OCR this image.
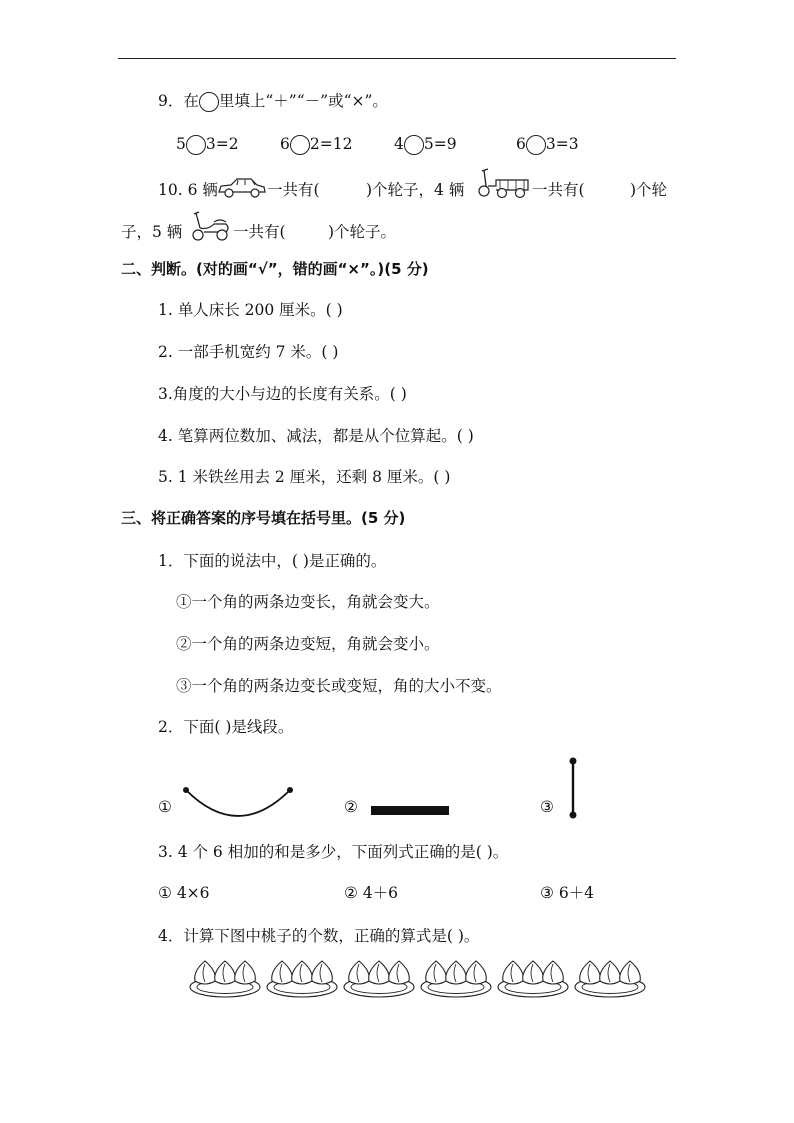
9．在 里填上“＋”“－”或“×”。
5 3=2	6 2=12	4 5=9	6 3=3
10. 6 辆	一共有(	)个轮子，4 辆	一共有(	)个轮
子，5 辆	一共有(	)个轮子。
二、判断。(对的画“√”，错的画“×”。)(5 分)
1. 单人床长 200 厘米。( )
2. 一部手机宽约 7 米。( )
3.角度的大小与边的长度有关系。( )
4. 笔算两位数加、减法，都是从个位算起。( )
5. 1 米铁丝用去 2 厘米，还剩 8 厘米。( )
三、将正确答案的序号填在括号里。(5 分)
1．下面的说法中，( )是正确的。
①一个角的两条边变长，角就会变大。
②一个角的两条边变短，角就会变小。
③一个角的两条边变长或变短，角的大小不变。
2．下面( )是线段。
①	②	③
3. 4 个 6 相加的和是多少，下面列式正确的是( )。
① 4×6	② 4＋6	③ 6＋4
4．计算下图中桃子的个数，正确的算式是( )。
